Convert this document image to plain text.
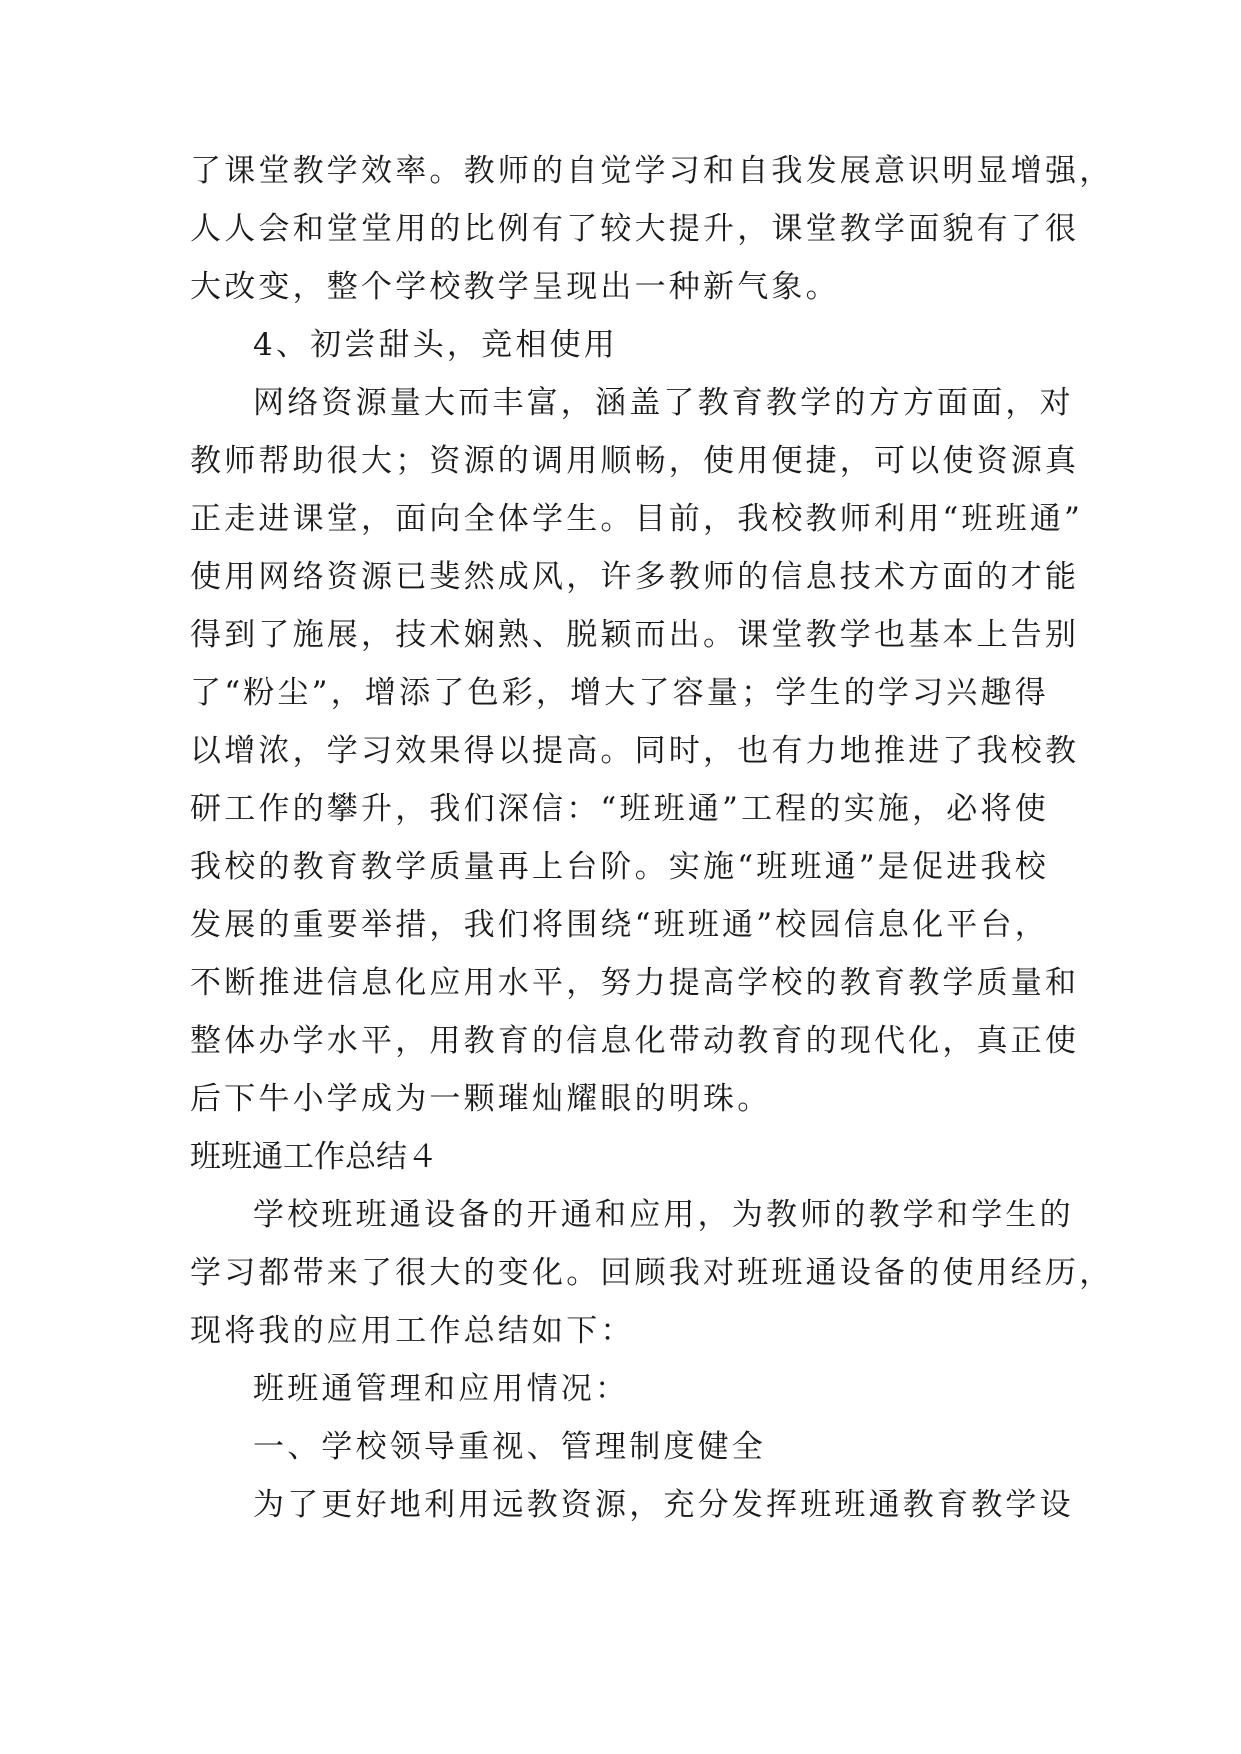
了课堂教学效率。教师的自觉学习和自我发展意识明显增强，
人人会和堂堂用的比例有了较大提升，课堂教学面貌有了很
大改变，整个学校教学呈现出一种新气象。
4、初尝甜头，竞相使用
网络资源量大而丰富，涵盖了教育教学的方方面面，对
教师帮助很大；资源的调用顺畅，使用便捷，可以使资源真
正走进课堂，面向全体学生。目前，我校教师利用“班班通”
使用网络资源已斐然成风，许多教师的信息技术方面的才能
得到了施展，技术娴熟、脱颖而出。课堂教学也基本上告别
了“粉尘”，增添了色彩，增大了容量；学生的学习兴趣得
以增浓，学习效果得以提高。同时，也有力地推进了我校教
研工作的攀升，我们深信：“班班通”工程的实施，必将使
我校的教育教学质量再上台阶。实施“班班通”是促进我校
发展的重要举措，我们将围绕“班班通”校园信息化平台，
不断推进信息化应用水平，努力提高学校的教育教学质量和
整体办学水平，用教育的信息化带动教育的现代化，真正使
后下牛小学成为一颗璀灿耀眼的明珠。
班班通工作总结４
学校班班通设备的开通和应用，为教师的教学和学生的
学习都带来了很大的变化。回顾我对班班通设备的使用经历，
现将我的应用工作总结如下：
班班通管理和应用情况：
一、学校领导重视、管理制度健全
为了更好地利用远教资源，充分发挥班班通教育教学设
